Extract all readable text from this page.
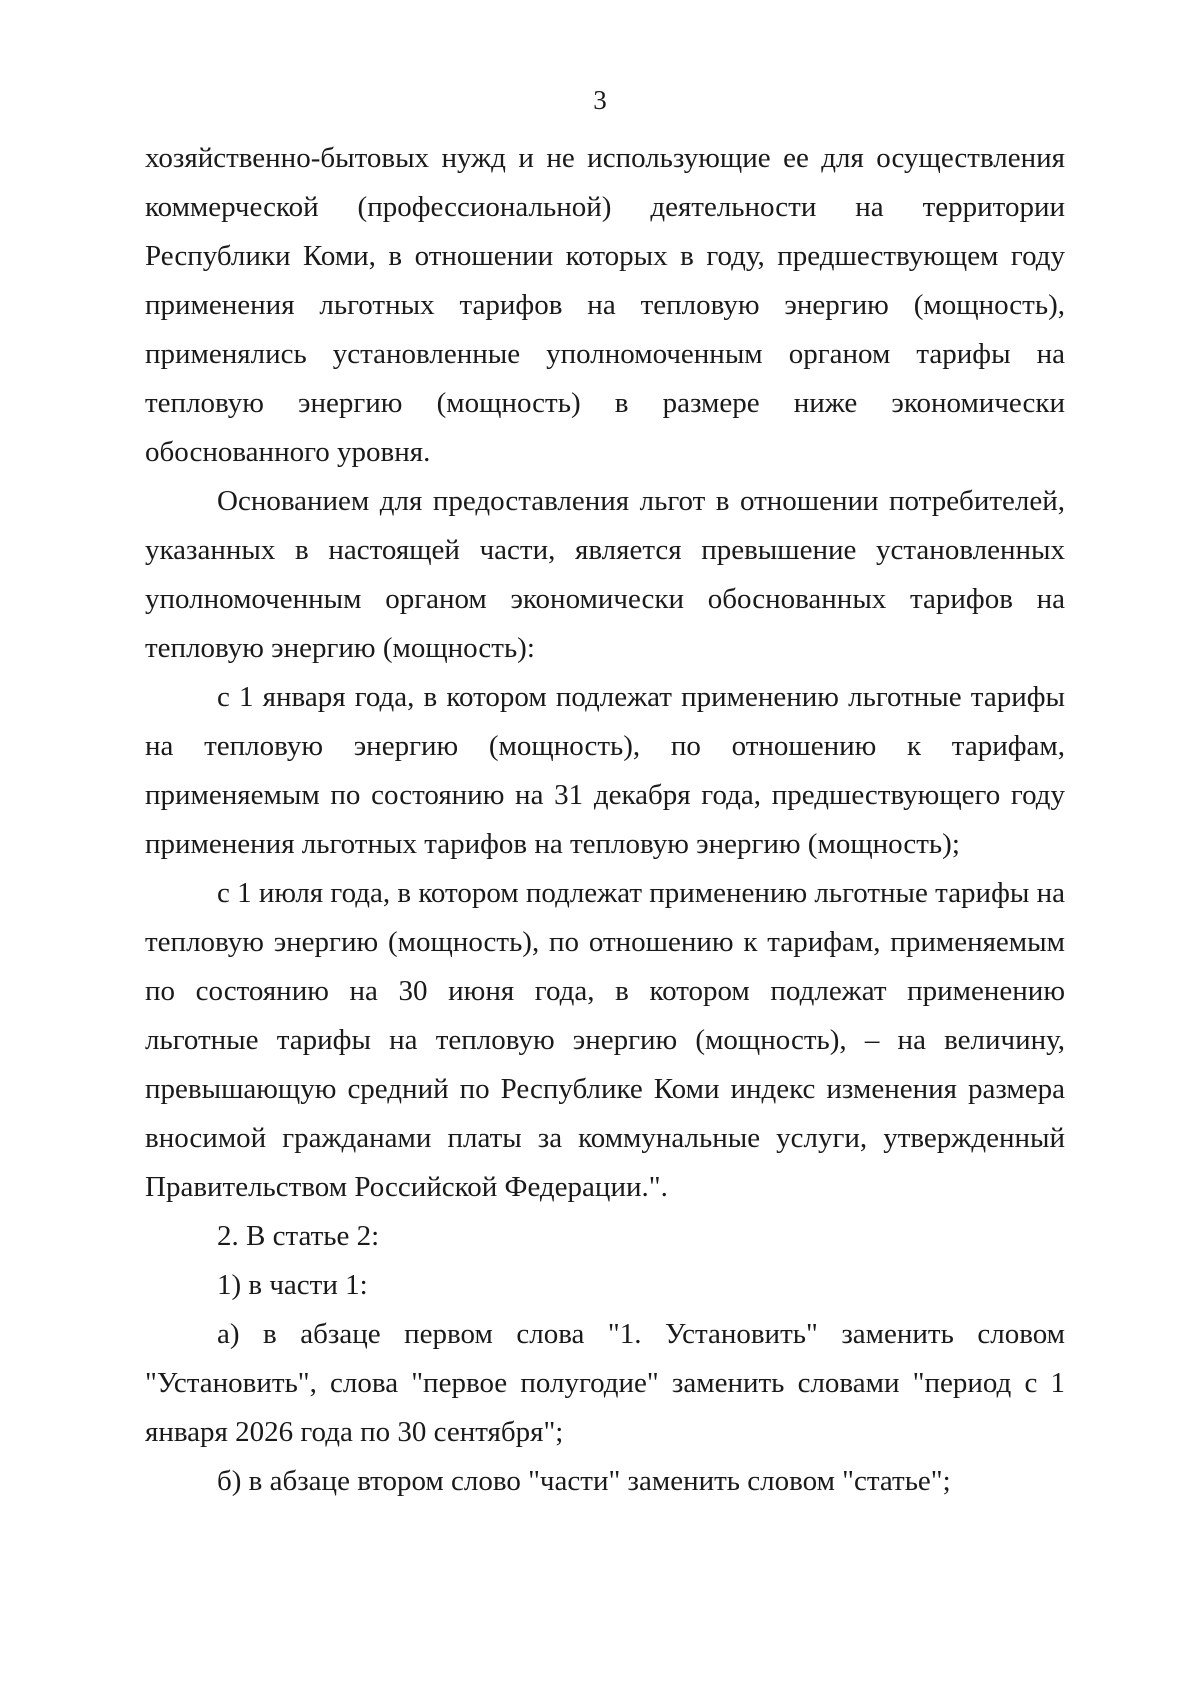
3

хозяйственно-бытовых нужд и не использующие ее для осуществления коммерческой (профессиональной) деятельности на территории Республики Коми, в отношении которых в году, предшествующем году применения льготных тарифов на тепловую энергию (мощность), применялись установленные уполномоченным органом тарифы на тепловую энергию (мощность) в размере ниже экономически обоснованного уровня.

Основанием для предоставления льгот в отношении потребителей, указанных в настоящей части, является превышение установленных уполномоченным органом экономически обоснованных тарифов на тепловую энергию (мощность):

с 1 января года, в котором подлежат применению льготные тарифы на тепловую энергию (мощность), по отношению к тарифам, применяемым по состоянию на 31 декабря года, предшествующего году применения льготных тарифов на тепловую энергию (мощность);

с 1 июля года, в котором подлежат применению льготные тарифы на тепловую энергию (мощность), по отношению к тарифам, применяемым по состоянию на 30 июня года, в котором подлежат применению льготные тарифы на тепловую энергию (мощность), – на величину, превышающую средний по Республике Коми индекс изменения размера вносимой гражданами платы за коммунальные услуги, утвержденный Правительством Российской Федерации.".

2. В статье 2:

1) в части 1:

а) в абзаце первом слова "1. Установить" заменить словом "Установить", слова "первое полугодие" заменить словами "период с 1 января 2026 года по 30 сентября";

б) в абзаце втором слово "части" заменить словом "статье";
